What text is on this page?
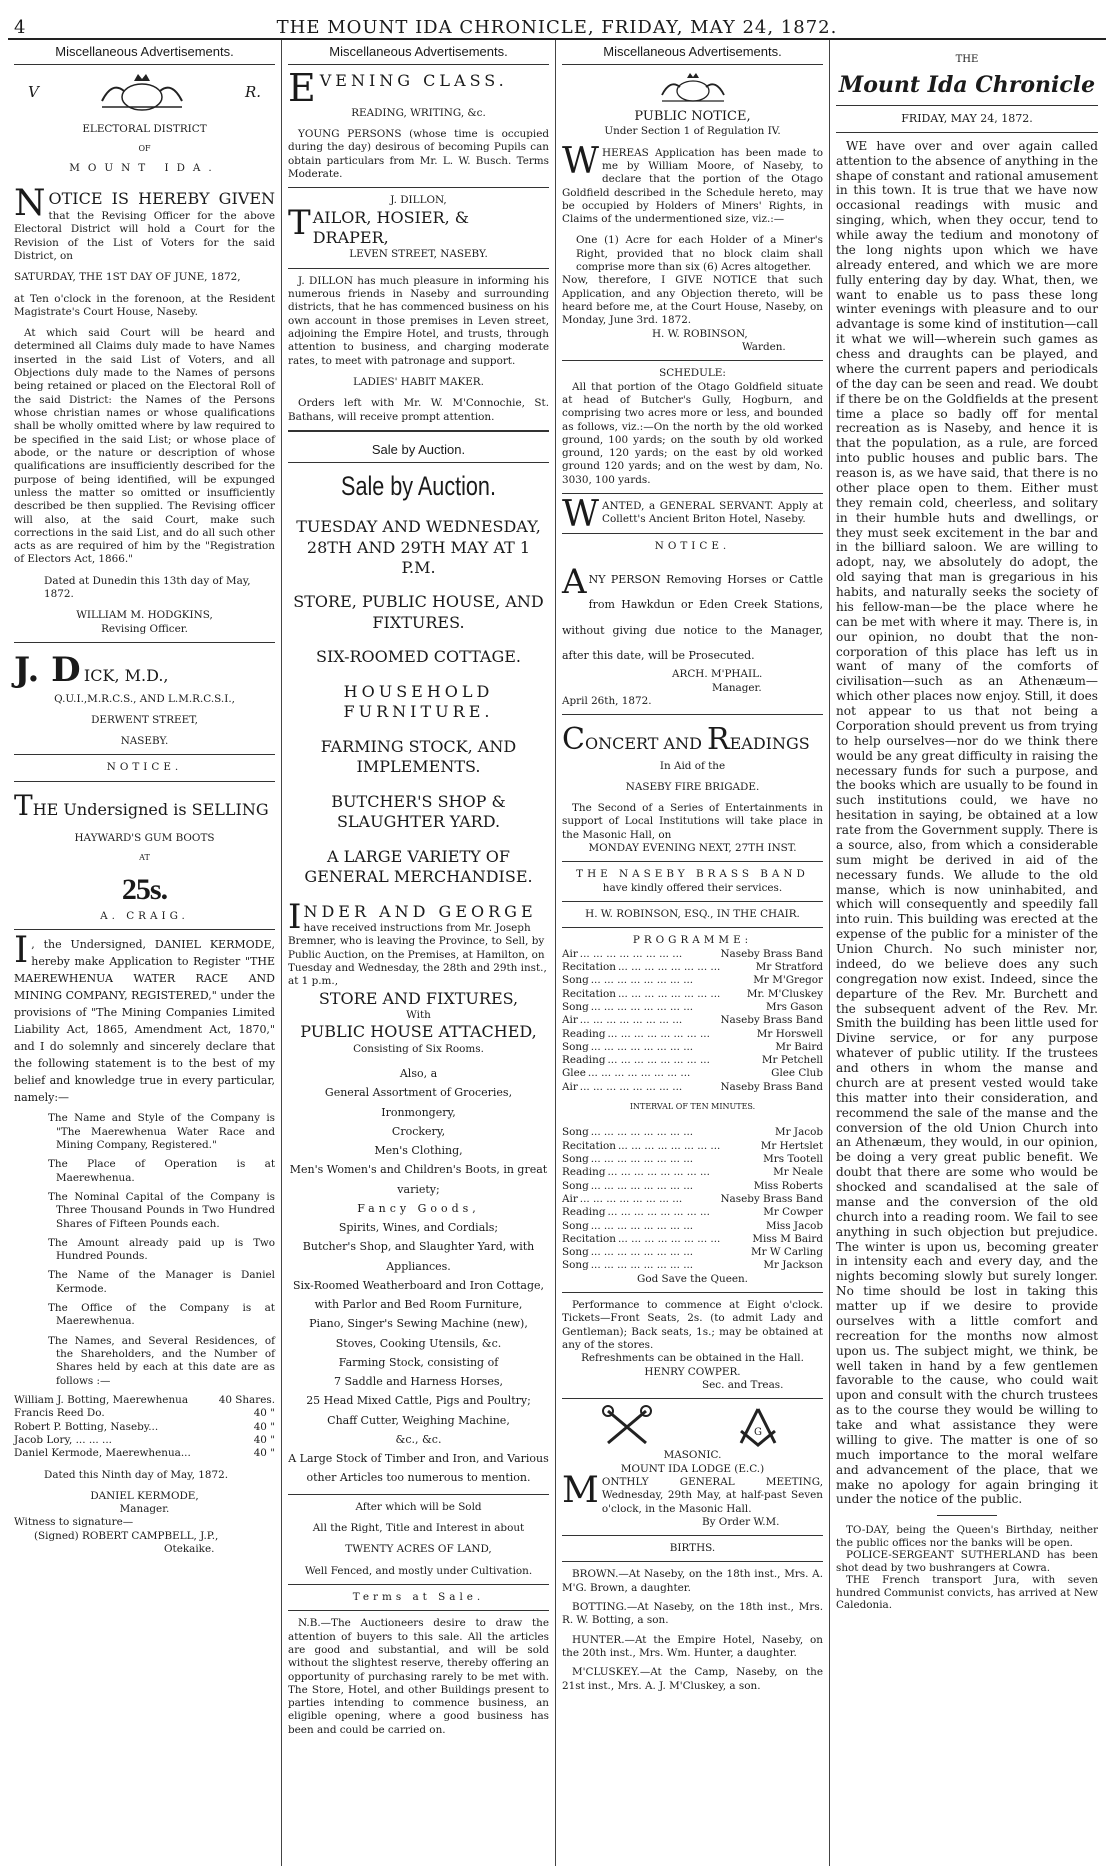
4	THE MOUNT IDA CHRONICLE, FRIDAY, MAY 24, 1872.
Miscellaneous Advertisements.
V	R.

ELECTORAL DISTRICT

OF

MOUNT IDA.

NOTICE IS HEREBY GIVEN that the Revising Officer for the above Electoral District will hold a Court for the Revision of the List of Voters for the said District, on

SATURDAY, THE 1ST DAY OF JUNE, 1872,

at Ten o'clock in the forenoon, at the Resident Magistrate's Court House, Naseby.

At which said Court will be heard and determined all Claims duly made to have Names inserted in the said List of Voters, and all Objections duly made to the Names of persons being retained or placed on the Electoral Roll of the said District: the Names of the Persons whose christian names or whose qualifications shall be wholly omitted where by law required to be specified in the said List; or whose place of abode, or the nature or description of whose qualifications are insufficiently described for the purpose of being identified, will be expunged unless the matter so omitted or insufficiently described be then supplied. The Revising officer will also, at the said Court, make such corrections in the said List, and do all such other acts as are required of him by the "Registration of Electors Act, 1866."

Dated at Dunedin this 13th day of May, 1872.

WILLIAM M. HODGKINS,

Revising Officer.

J. D ICK, M.D.,

Q.U.I.,M.R.C.S., AND L.M.R.C.S.I.,

DERWENT STREET,

NASEBY.

NOTICE.

THE Undersigned is SELLING

HAYWARD'S GUM BOOTS

AT

25s.

A. CRAIG.

I , the Undersigned, DANIEL KERMODE, hereby make Application to Register "THE MAEREWHENUA WATER RACE AND MINING COMPANY, REGISTERED," under the provisions of "The Mining Companies Limited Liability Act, 1865, Amendment Act, 1870," and I do solemnly and sincerely declare that the following statement is to the best of my belief and knowledge true in every particular, namely:—

The Name and Style of the Company is "The Maerewhenua Water Race and Mining Company, Registered."

The Place of Operation is at Maerewhenua.

The Nominal Capital of the Company is Three Thousand Pounds in Two Hundred Shares of Fifteen Pounds each.

The Amount already paid up is Two Hundred Pounds.

The Name of the Manager is Daniel Kermode.

The Office of the Company is at Maerewhenua.

The Names, and Several Residences, of the Shareholders, and the Number of Shares held by each at this date are as follows :—

William J. Botting, Maerewhenua	40 Shares.
Francis Reed Do.	40 "
Robert P. Botting, Naseby...	40 "
Jacob Lory, ... ... ...	40 "
Daniel Kermode, Maerewhenua...	40 "

Dated this Ninth day of May, 1872.

DANIEL KERMODE,

Manager.

Witness to signature—

(Signed) ROBERT CAMPBELL, J.P.,

Otekaike.

Miscellaneous Advertisements.

EVENING CLASS.

READING, WRITING, &c.

YOUNG PERSONS (whose time is occupied during the day) desirous of becoming Pupils can obtain particulars from Mr. L. W. Busch. Terms Moderate.

J. DILLON,

TAILOR, HOSIER, & DRAPER,

LEVEN STREET, NASEBY.

J. DILLON has much pleasure in informing his numerous friends in Naseby and surrounding districts, that he has commenced business on his own account in those premises in Leven street, adjoining the Empire Hotel, and trusts, through attention to business, and charging moderate rates, to meet with patronage and support.

LADIES' HABIT MAKER.

Orders left with Mr. W. M'Connochie, St. Bathans, will receive prompt attention.

Sale by Auction.

Sale by Auction.

TUESDAY AND WEDNESDAY, 28TH AND 29TH MAY AT 1 P.M.

STORE, PUBLIC HOUSE, AND FIXTURES.

SIX-ROOMED COTTAGE.

HOUSEHOLD FURNITURE.

FARMING STOCK, AND IMPLEMENTS.

BUTCHER'S SHOP & SLAUGHTER YARD.

A LARGE VARIETY OF GENERAL MERCHANDISE.

INDER AND GEORGE have received instructions from Mr. Joseph Bremner, who is leaving the Province, to Sell, by Public Auction, on the Premises, at Hamilton, on Tuesday and Wednesday, the 28th and 29th inst., at 1 p.m.,

STORE AND FIXTURES,

With

PUBLIC HOUSE ATTACHED,

Consisting of Six Rooms.

Also, a

General Assortment of Groceries, Ironmongery,

Crockery,

Men's Clothing,

Men's Women's and Children's Boots, in great variety;

Fancy Goods,

Spirits, Wines, and Cordials;

Butcher's Shop, and Slaughter Yard, with Appliances.

Six-Roomed Weatherboard and Iron Cottage, with Parlor and Bed Room Furniture,

Piano, Singer's Sewing Machine (new), Stoves, Cooking Utensils, &c.

Farming Stock, consisting of

7 Saddle and Harness Horses,

25 Head Mixed Cattle, Pigs and Poultry;

Chaff Cutter, Weighing Machine,

&c., &c.

A Large Stock of Timber and Iron, and Various other Articles too numerous to mention.

After which will be Sold

All the Right, Title and Interest in about

TWENTY ACRES OF LAND,

Well Fenced, and mostly under Cultivation.

Terms at Sale.

N.B.—The Auctioneers desire to draw the attention of buyers to this sale. All the articles are good and substantial, and will be sold without the slightest reserve, thereby offering an opportunity of purchasing rarely to be met with. The Store, Hotel, and other Buildings present to parties intending to commence business, an eligible opening, where a good business has been and could be carried on.

Miscellaneous Advertisements.

PUBLIC NOTICE,

Under Section 1 of Regulation IV.

WHEREAS Application has been made to me by William Moore, of Naseby, to declare that the portion of the Otago Goldfield described in the Schedule hereto, may be occupied by Holders of Miners' Rights, in Claims of the undermentioned size, viz.:—

One (1) Acre for each Holder of a Miner's Right, provided that no block claim shall comprise more than six (6) Acres altogether.

Now, therefore, I GIVE NOTICE that such Application, and any Objection thereto, will be heard before me, at the Court House, Naseby, on Monday, June 3rd. 1872.

H. W. ROBINSON,

Warden.

SCHEDULE:

All that portion of the Otago Goldfield situate at head of Butcher's Gully, Hogburn, and comprising two acres more or less, and bounded as follows, viz.:—On the north by the old worked ground, 100 yards; on the south by old worked ground, 120 yards; on the east by old worked ground 120 yards; and on the west by dam, No. 3030, 100 yards.

WANTED, a GENERAL SERVANT. Apply at Collett's Ancient Briton Hotel, Naseby.

NOTICE.

ANY PERSON Removing Horses or Cattle from Hawkdun or Eden Creek Stations, without giving due notice to the Manager, after this date, will be Prosecuted.

ARCH. M'PHAIL.

Manager.

April 26th, 1872.

CONCERT AND READINGS

In Aid of the

NASEBY FIRE BRIGADE.

The Second of a Series of Entertainments in support of Local Institutions will take place in the Masonic Hall, on

MONDAY EVENING NEXT, 27TH INST.

THE NASEBY BRASS BAND

have kindly offered their services.

H. W. ROBINSON, ESQ., IN THE CHAIR.

PROGRAMME:

Air ... .	Naseby Brass Band
Recitation ... .	Mr Stratford
Song ... .	Mr M'Gregor
Recitation ... .	Mr. M'Cluskey
Song ... .	Mrs Gason
Air ... .	Naseby Brass Band
Reading ... .	Mr Horswell
Song ... .	Mr Baird
Reading ... .	Mr Petchell
Glee ... .	Glee Club
Air ... .	Naseby Brass Band

INTERVAL OF TEN MINUTES.

Song ... .	Mr Jacob
Recitation ... .	Mr Hertslet
Song ... .	Mrs Tootell
Reading ... .	Mr Neale
Song ... .	Miss Roberts
Air ... .	Naseby Brass Band
Reading ... .	Mr Cowper
Song ... .	Miss Jacob
Recitation ... .	Miss M Baird
Song ... .	Mr W Carling
Song ... .	Mr Jackson

God Save the Queen.

Performance to commence at Eight o'clock. Tickets—Front Seats, 2s. (to admit Lady and Gentleman); Back seats, 1s.; may be obtained at any of the stores.

Refreshments can be obtained in the Hall.

HENRY COWPER.

Sec. and Treas.

G

MASONIC.

MOUNT IDA LODGE (E.C.)

MONTHLY GENERAL MEETING, Wednesday, 29th May, at half-past Seven o'clock, in the Masonic Hall.

By Order W.M.

BIRTHS.

BROWN.—At Naseby, on the 18th inst., Mrs. A. M'G. Brown, a daughter.

BOTTING.—At Naseby, on the 18th inst., Mrs. R. W. Botting, a son.

HUNTER.—At the Empire Hotel, Naseby, on the 20th inst., Mrs. Wm. Hunter, a daughter.

M'CLUSKEY.—At the Camp, Naseby, on the 21st inst., Mrs. A. J. M'Cluskey, a son.

THE

Mount Ida Chronicle

FRIDAY, MAY 24, 1872.

WE have over and over again called attention to the absence of anything in the shape of constant and rational amusement in this town. It is true that we have now occasional readings with music and singing, which, when they occur, tend to while away the tedium and monotony of the long nights upon which we have already entered, and which we are more fully entering day by day. What, then, we want to enable us to pass these long winter evenings with pleasure and to our advantage is some kind of institution—call it what we will—wherein such games as chess and draughts can be played, and where the current papers and periodicals of the day can be seen and read. We doubt if there be on the Goldfields at the present time a place so badly off for mental recreation as is Naseby, and hence it is that the population, as a rule, are forced into public houses and public bars. The reason is, as we have said, that there is no other place open to them. Either must they remain cold, cheerless, and solitary in their humble huts and dwellings, or they must seek excitement in the bar and in the billiard saloon. We are willing to adopt, nay, we absolutely do adopt, the old saying that man is gregarious in his habits, and naturally seeks the society of his fellow-man—be the place where he can be met with where it may. There is, in our opinion, no doubt that the non-corporation of this place has left us in want of many of the comforts of civilisation—such as an Athenæum—which other places now enjoy. Still, it does not appear to us that not being a Corporation should prevent us from trying to help ourselves—nor do we think there would be any great difficulty in raising the necessary funds for such a purpose, and the books which are usually to be found in such institutions could, we have no hesitation in saying, be obtained at a low rate from the Government supply. There is a source, also, from which a considerable sum might be derived in aid of the necessary funds. We allude to the old manse, which is now uninhabited, and which will consequently and speedily fall into ruin. This building was erected at the expense of the public for a minister of the Union Church. No such minister nor, indeed, do we believe does any such congregation now exist. Indeed, since the departure of the Rev. Mr. Burchett and the subsequent advent of the Rev. Mr. Smith the building has been little used for Divine service, or for any purpose whatever of public utility. If the trustees and others in whom the manse and church are at present vested would take this matter into their consideration, and recommend the sale of the manse and the conversion of the old Union Church into an Athenæum, they would, in our opinion, be doing a very great public benefit. We doubt that there are some who would be shocked and scandalised at the sale of manse and the conversion of the old church into a reading room. We fail to see anything in such objection but prejudice. The winter is upon us, becoming greater in intensity each and every day, and the nights becoming slowly but surely longer. No time should be lost in taking this matter up if we desire to provide ourselves with a little comfort and recreation for the months now almost upon us. The subject might, we think, be well taken in hand by a few gentlemen favorable to the cause, who could wait upon and consult with the church trustees as to the course they would be willing to take and what assistance they were willing to give. The matter is one of so much importance to the moral welfare and advancement of the place, that we make no apology for again bringing it under the notice of the public.

TO-DAY, being the Queen's Birthday, neither the public offices nor the banks will be open.

POLICE-SERGEANT SUTHERLAND has been shot dead by two bushrangers at Cowra.

THE French transport Jura, with seven hundred Communist convicts, has arrived at New Caledonia.
